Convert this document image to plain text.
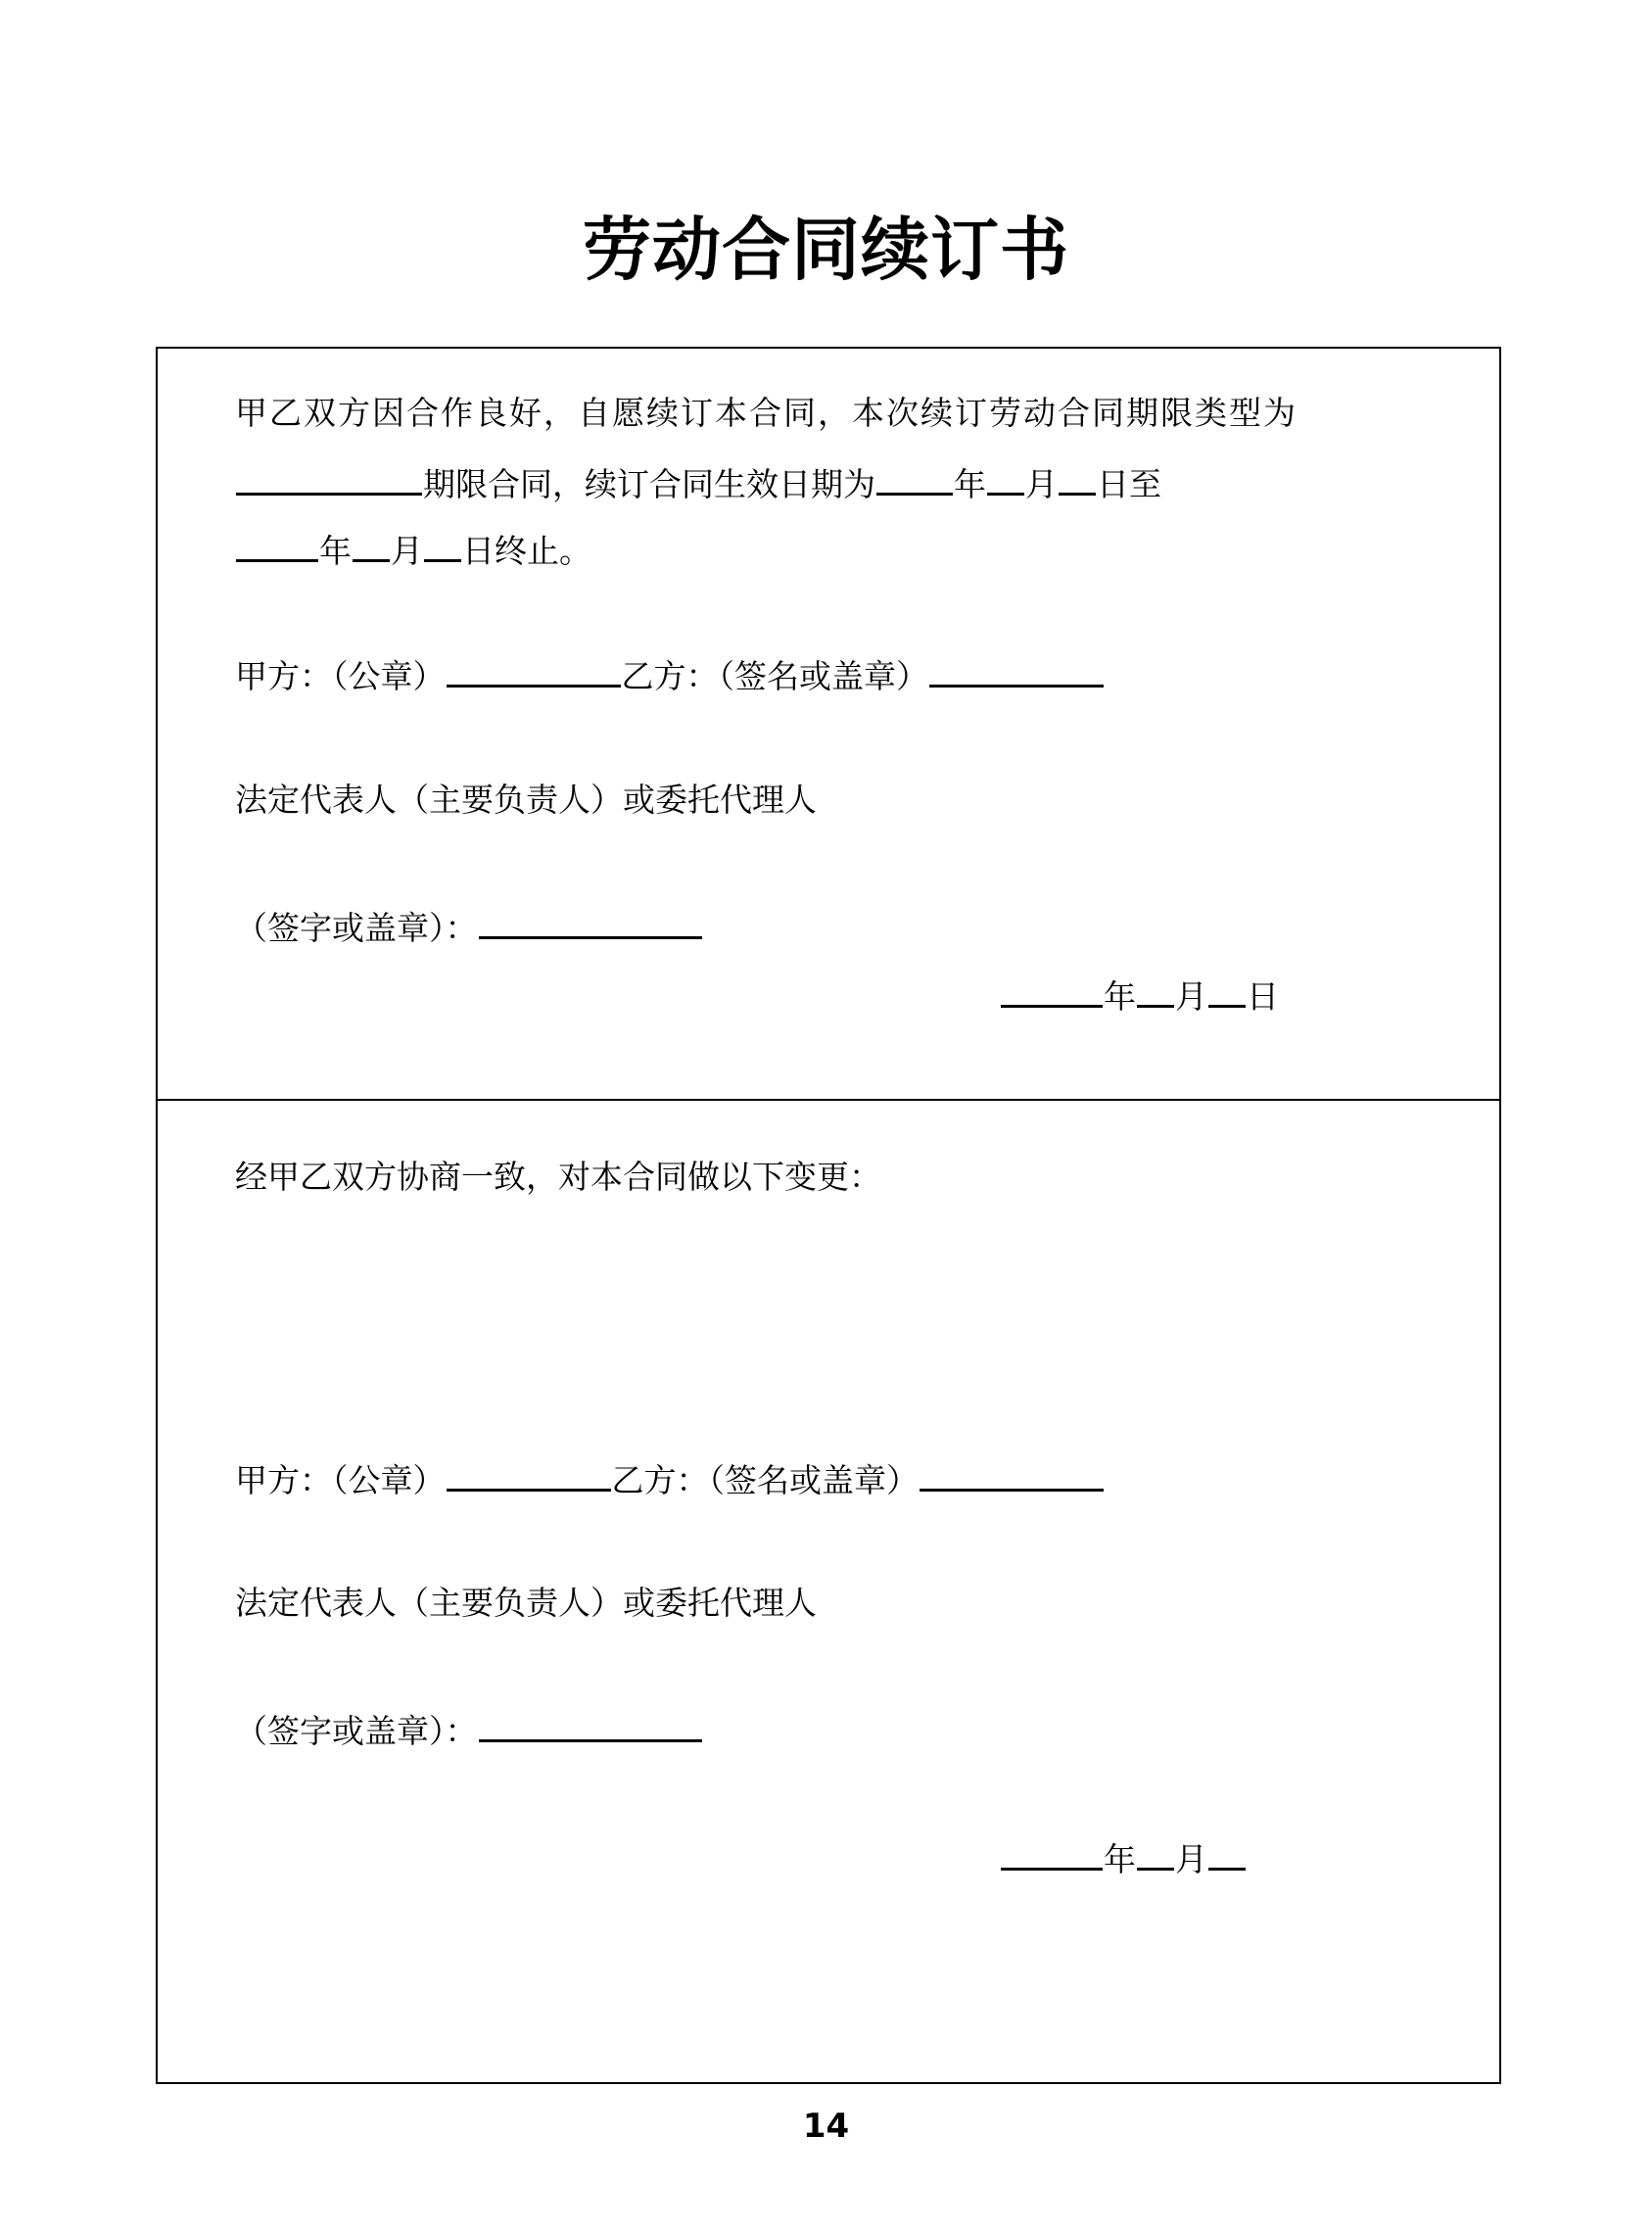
劳动合同续订书
甲乙双方因合作良好，自愿续订本合同，本次续订劳动合同期限类型为
期限合同，续订合同生效日期为 年 月 日至
年 月 日终止。
甲方：（公章）	乙方：（签名或盖章）
法定代表人（主要负责人）或委托代理人
（签字或盖章）：
年 月 日
经甲乙双方协商一致，对本合同做以下变更：
甲方：（公章）	乙方：（签名或盖章）
法定代表人（主要负责人）或委托代理人
（签字或盖章）：
年 月
14
